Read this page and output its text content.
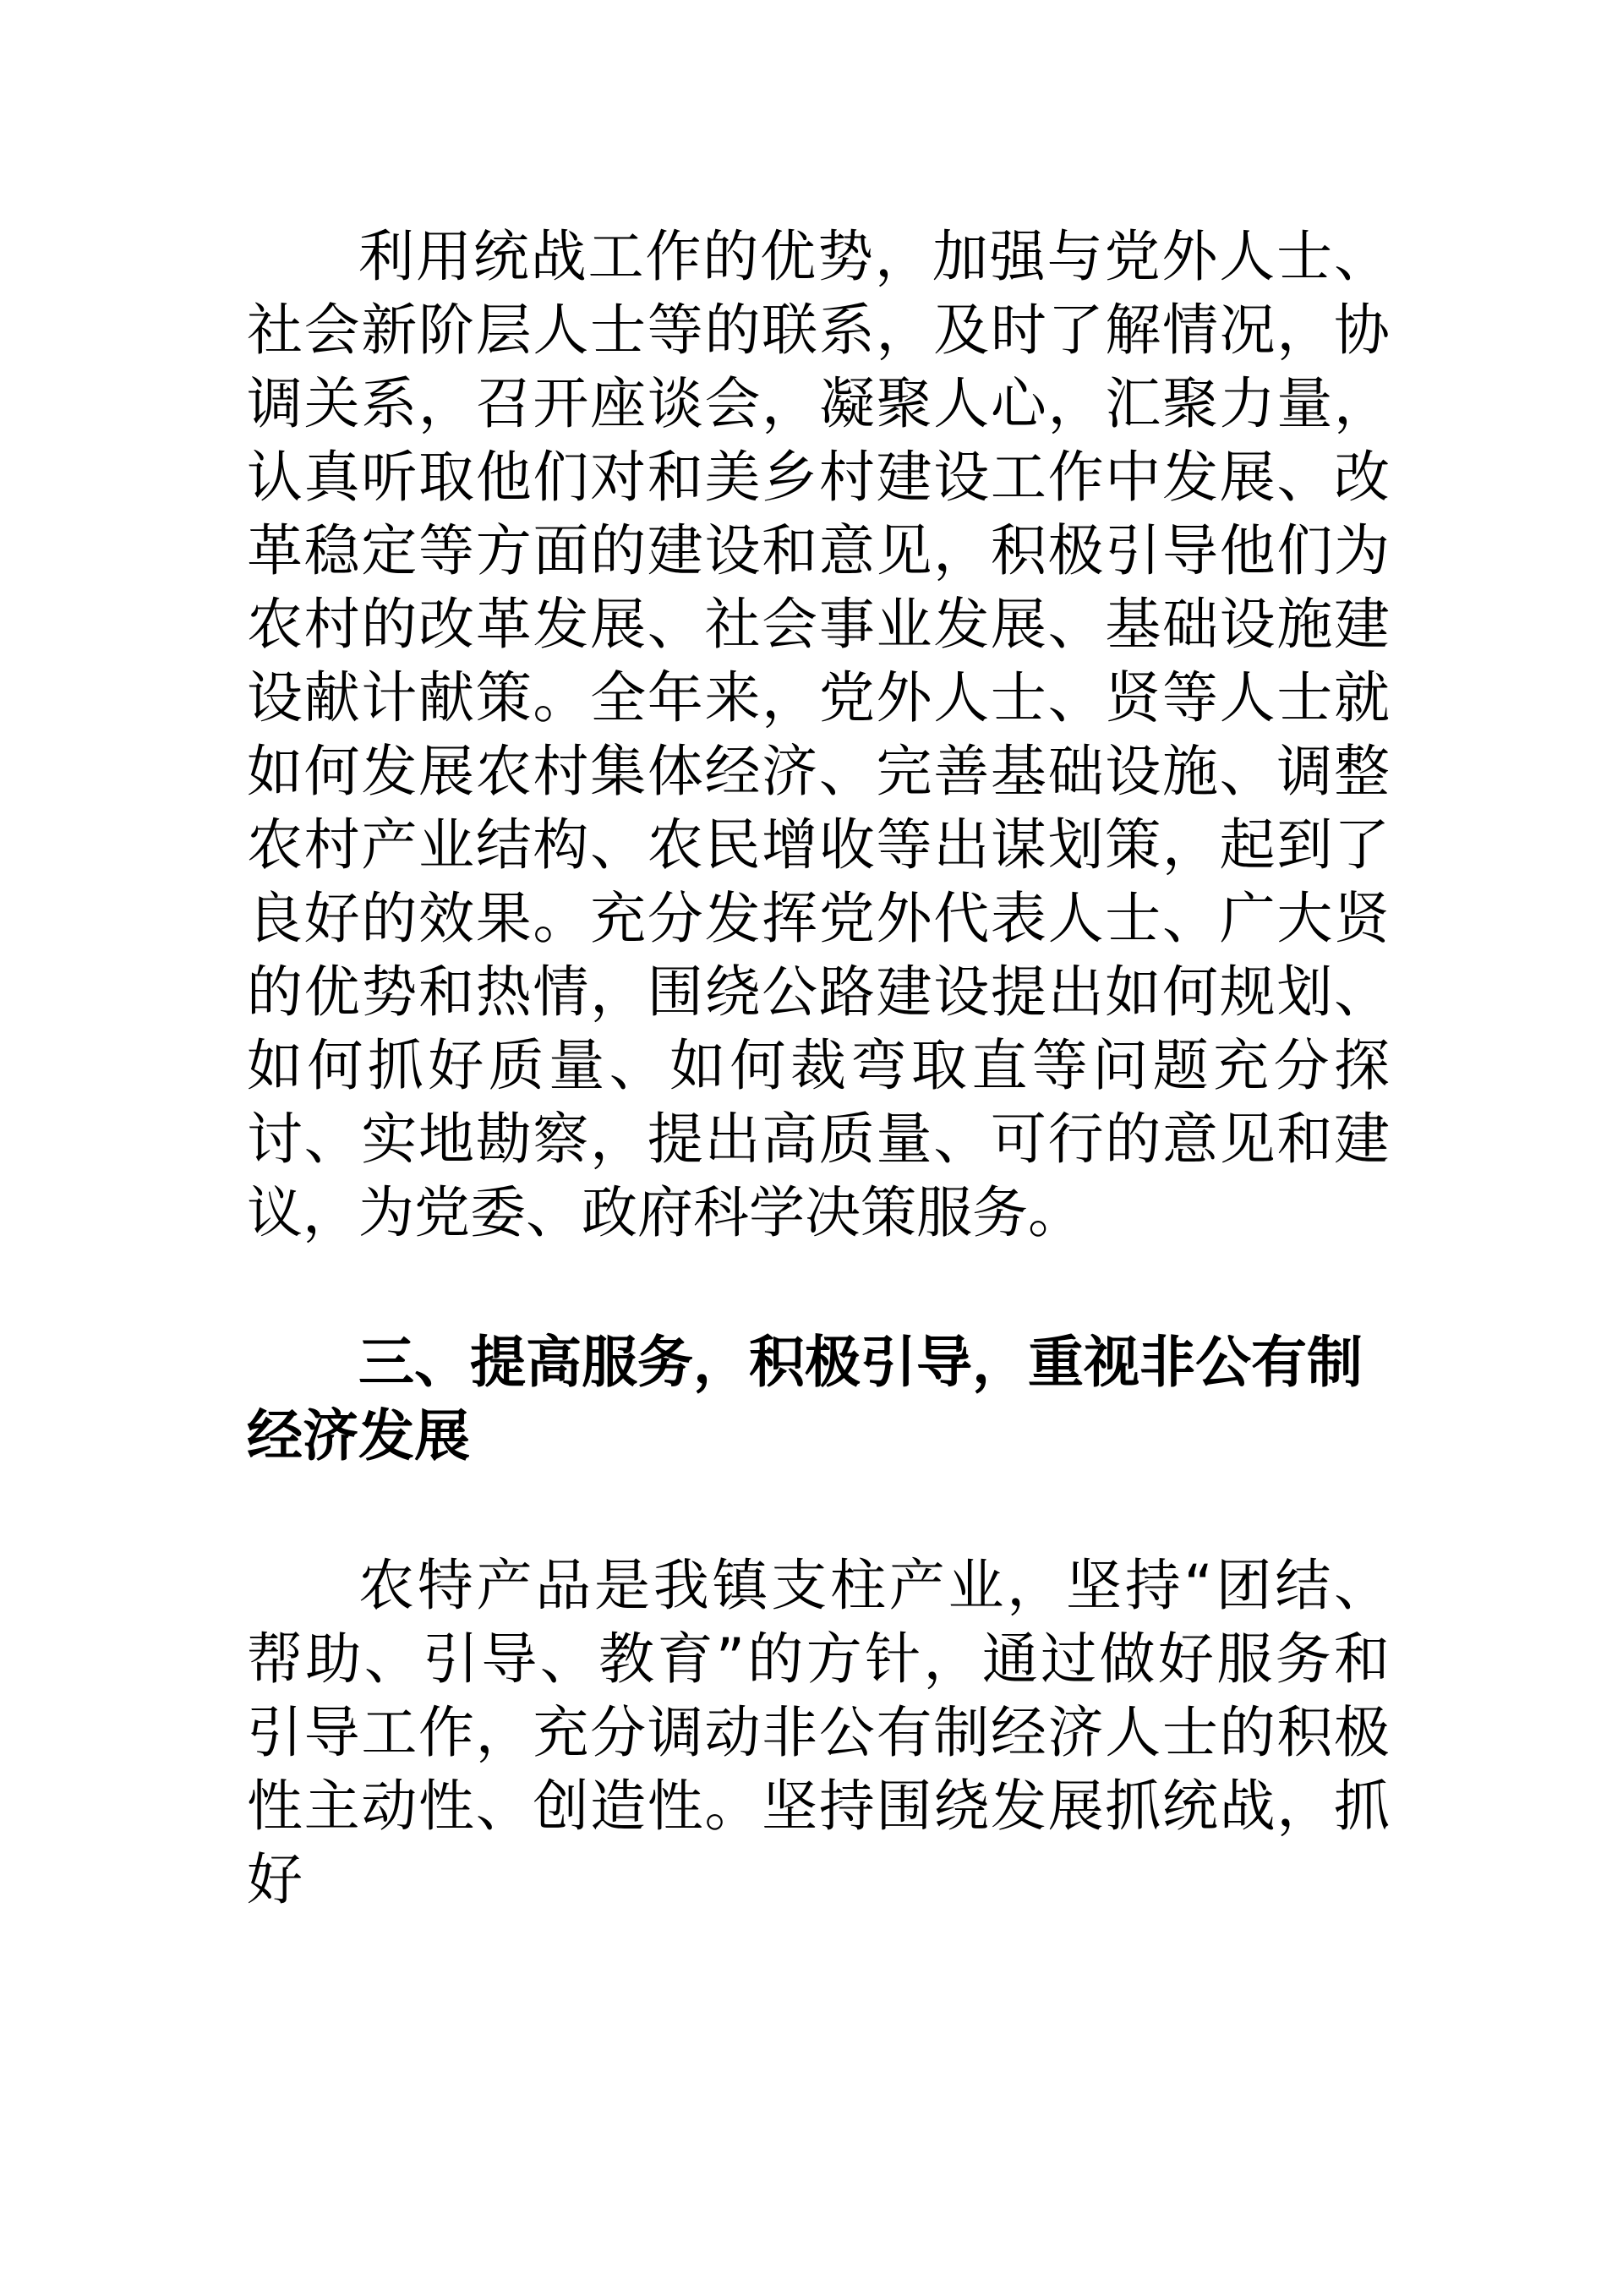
利用统战工作的优势，加强与党外人士、社会新阶层人士等的联系，及时了解情况，协调关系，召开座谈会，凝聚人心，汇聚力量，认真听取他们对和美乡村建设工作中发展、改革稳定等方面的建设和意见，积极引导他们为农村的改革发展、社会事业发展、基础设施建设献计献策。全年来，党外人士、贤等人士就如何发展农村集体经济、完善基础设施、调整农村产业结构、农民增收等出谋划策，起到了良好的效果。充分发挥党外代表人士、广大贤的优势和热情，围绕公路建设提出如何规划、如何抓好质量、如何裁弯取直等问题充分探讨、实地勘察，提出高质量、可行的意见和建议，为党委、政府科学决策服务。

三、提高服务，积极引导，重视非公有制经济发展

农特产品是我镇支柱产业，坚持“团结、帮助、引导、教育”的方针，通过做好服务和引导工作，充分调动非公有制经济人士的积极性主动性、创造性。坚持围绕发展抓统战，抓好
